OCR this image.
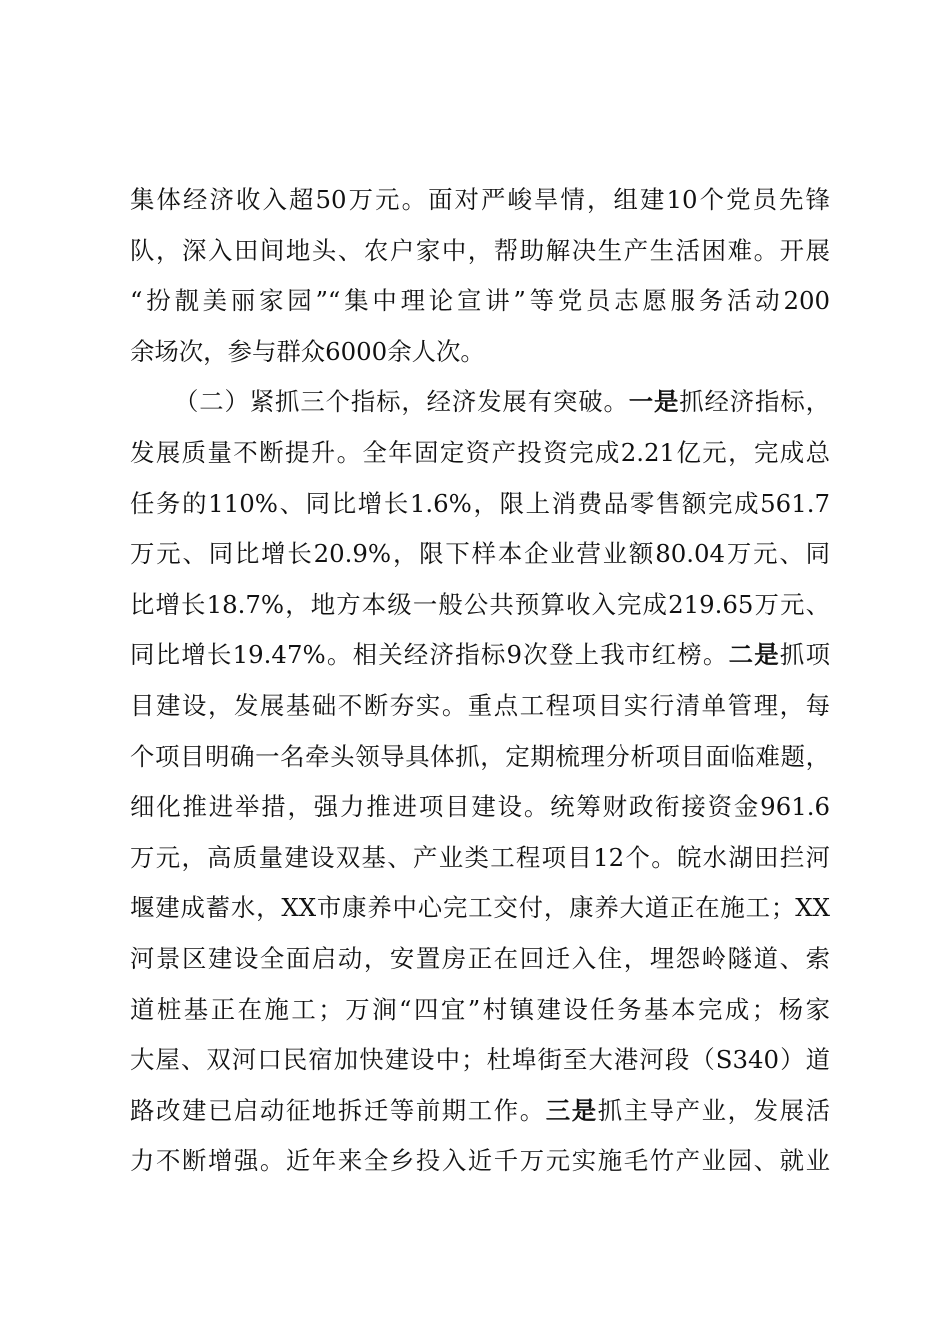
集体经济收入超50万元。面对严峻旱情，组建10个党员先锋
队，深入田间地头、农户家中，帮助解决生产生活困难。开展
“扮靓美丽家园”“集中理论宣讲”等党员志愿服务活动200
余场次，参与群众6000余人次。
（二）紧抓三个指标，经济发展有突破。一是抓经济指标，
发展质量不断提升。全年固定资产投资完成2.21亿元，完成总
任务的110%、同比增长1.6%，限上消费品零售额完成561.7
万元、同比增长20.9%，限下样本企业营业额80.04万元、同
比增长18.7%，地方本级一般公共预算收入完成219.65万元、
同比增长19.47%。相关经济指标9次登上我市红榜。二是抓项
目建设，发展基础不断夯实。重点工程项目实行清单管理，每
个项目明确一名牵头领导具体抓，定期梳理分析项目面临难题，
细化推进举措，强力推进项目建设。统筹财政衔接资金961.6
万元，高质量建设双基、产业类工程项目12个。皖水湖田拦河
堰建成蓄水，XX市康养中心完工交付，康养大道正在施工；XX
河景区建设全面启动，安置房正在回迁入住，埋怨岭隧道、索
道桩基正在施工；万涧“四宜”村镇建设任务基本完成；杨家
大屋、双河口民宿加快建设中；杜埠街至大港河段（S340）道
路改建已启动征地拆迁等前期工作。三是抓主导产业，发展活
力不断增强。近年来全乡投入近千万元实施毛竹产业园、就业
